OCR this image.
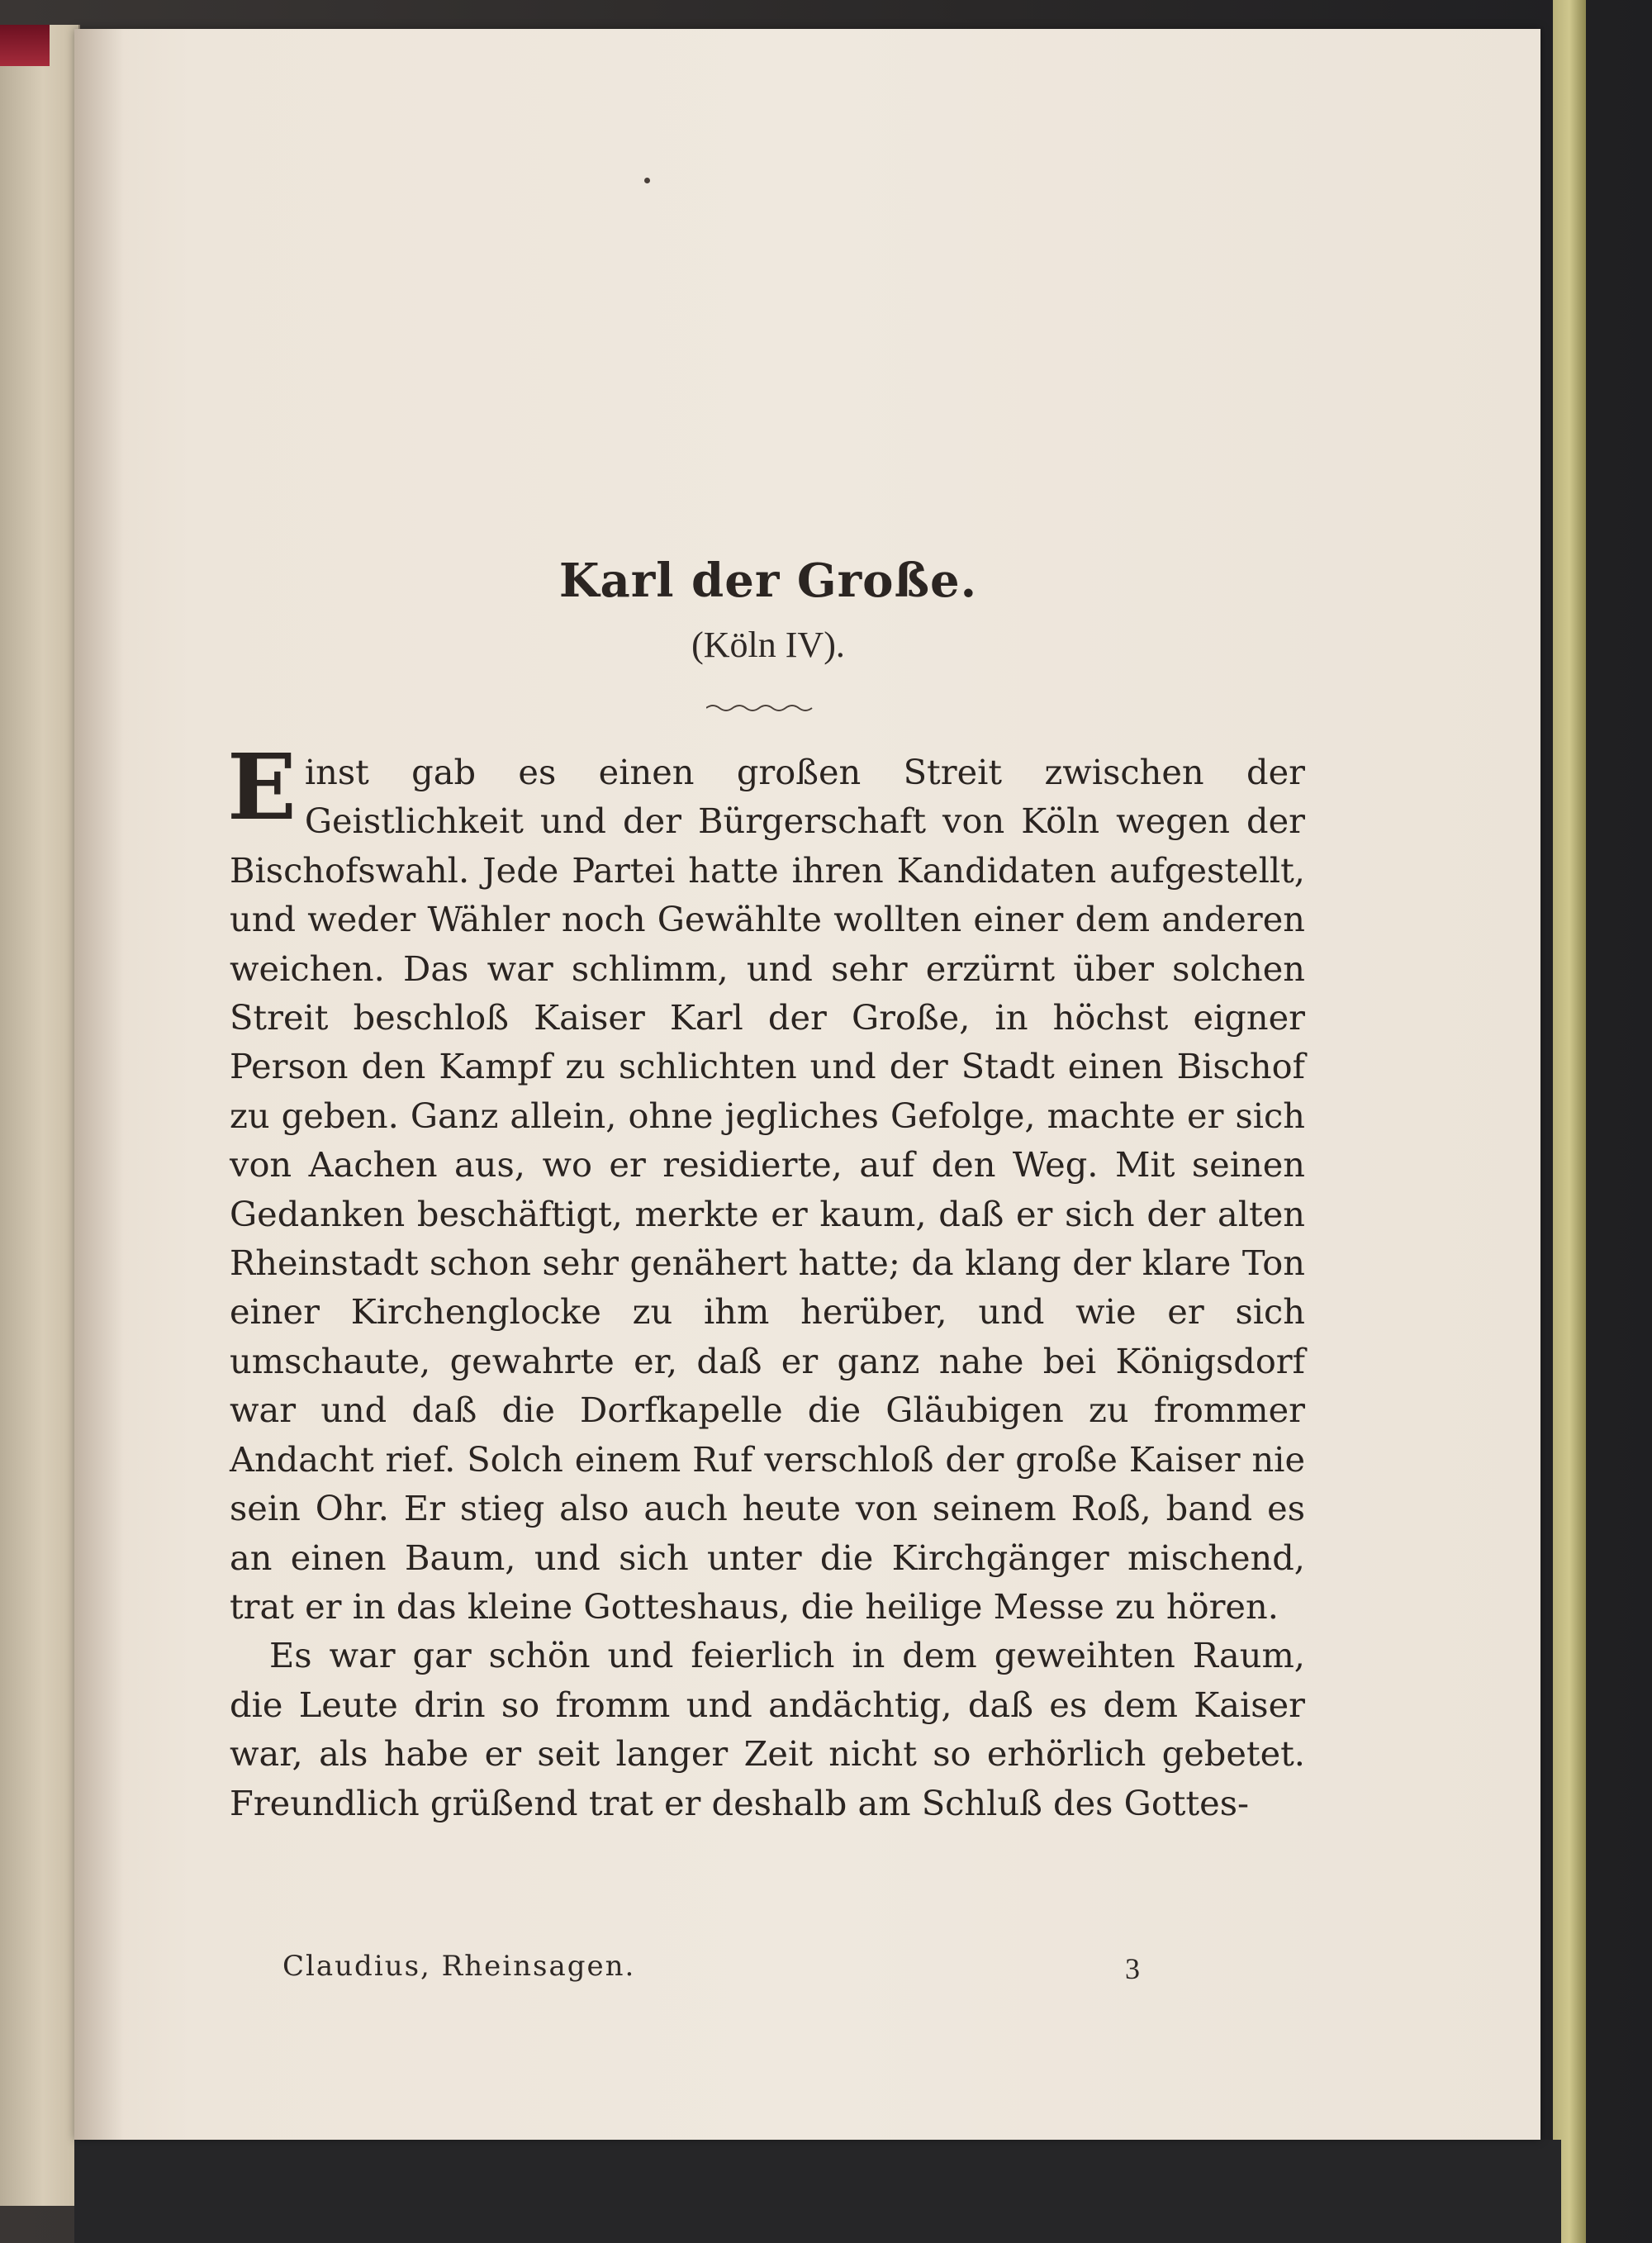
Karl der Große.
(Köln IV).

Einst gab es einen großen Streit zwischen der Geistlichkeit und der Bürgerschaft von Köln wegen der Bischofswahl. Jede Partei hatte ihren Kandidaten aufgestellt, und weder Wähler noch Gewählte wollten einer dem anderen weichen. Das war schlimm, und sehr erzürnt über solchen Streit beschloß Kaiser Karl der Große, in höchst eigner Person den Kampf zu schlichten und der Stadt einen Bischof zu geben. Ganz allein, ohne jegliches Gefolge, machte er sich von Aachen aus, wo er residierte, auf den Weg. Mit seinen Gedanken beschäftigt, merkte er kaum, daß er sich der alten Rheinstadt schon sehr genähert hatte; da klang der klare Ton einer Kirchenglocke zu ihm herüber, und wie er sich umschaute, gewahrte er, daß er ganz nahe bei Königsdorf war und daß die Dorfkapelle die Gläubigen zu frommer Andacht rief. Solch einem Ruf verschloß der große Kaiser nie sein Ohr. Er stieg also auch heute von seinem Roß, band es an einen Baum, und sich unter die Kirchgänger mischend, trat er in das kleine Gotteshaus, die heilige Messe zu hören.

Es war gar schön und feierlich in dem geweihten Raum, die Leute drin so fromm und andächtig, daß es dem Kaiser war, als habe er seit langer Zeit nicht so erhörlich gebetet. Freundlich grüßend trat er deshalb am Schluß des Gottes-

Claudius, Rheinsagen.	3
